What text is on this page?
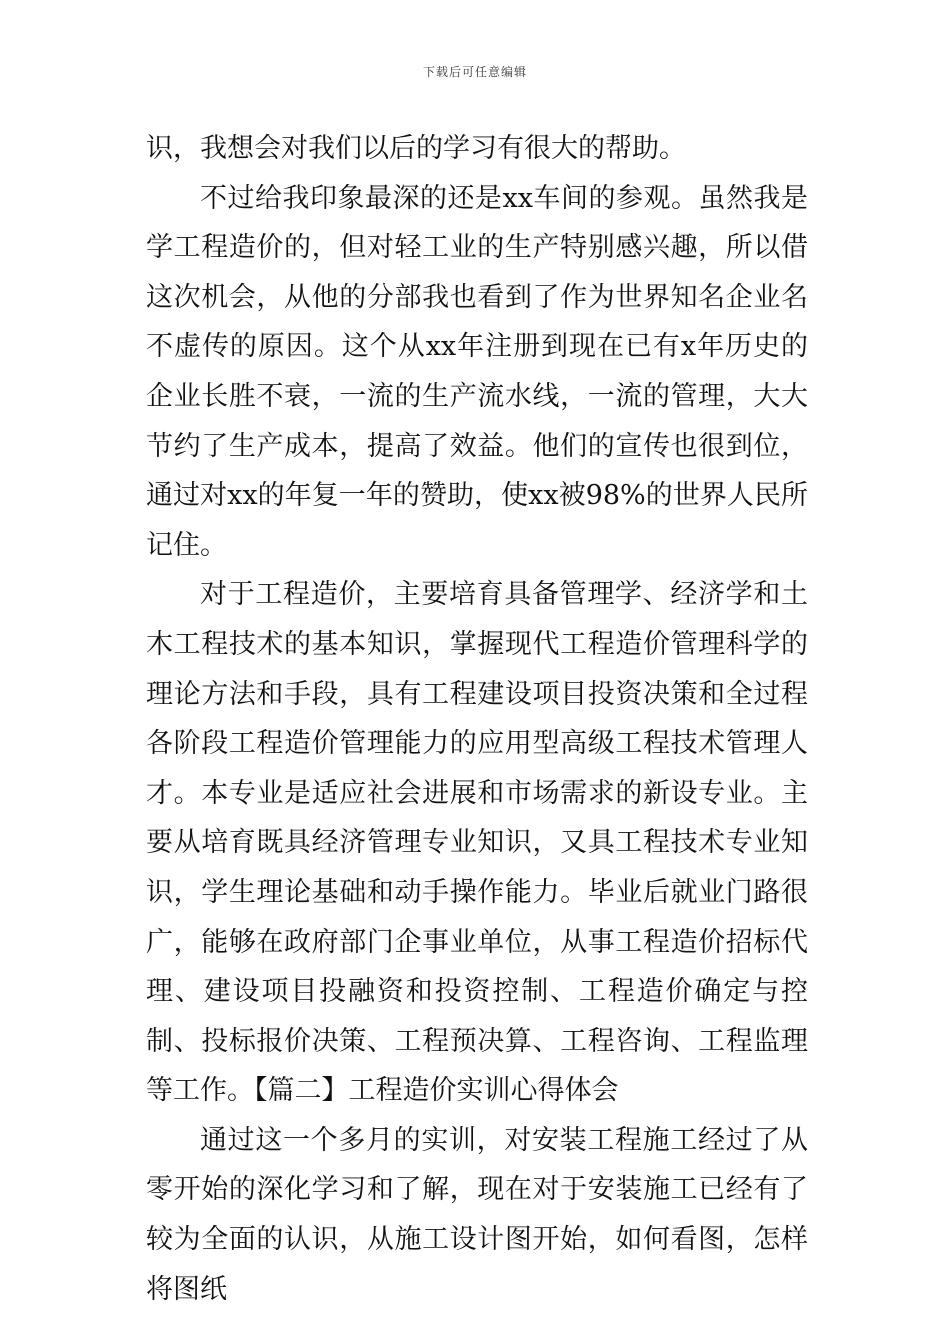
下载后可任意编辑

识，我想会对我们以后的学习有很大的帮助。

不过给我印象最深的还是xx车间的参观。虽然我是学工程造价的，但对轻工业的生产特别感兴趣，所以借这次机会，从他的分部我也看到了作为世界知名企业名不虚传的原因。这个从xx年注册到现在已有x年历史的企业长胜不衰，一流的生产流水线，一流的管理，大大节约了生产成本，提高了效益。他们的宣传也很到位，通过对xx的年复一年的赞助，使xx被98%的世界人民所记住。

对于工程造价，主要培育具备管理学、经济学和土木工程技术的基本知识，掌握现代工程造价管理科学的理论方法和手段，具有工程建设项目投资决策和全过程各阶段工程造价管理能力的应用型高级工程技术管理人才。本专业是适应社会进展和市场需求的新设专业。主要从培育既具经济管理专业知识，又具工程技术专业知识，学生理论基础和动手操作能力。毕业后就业门路很广，能够在政府部门企事业单位，从事工程造价招标代理、建设项目投融资和投资控制、工程造价确定与控制、投标报价决策、工程预决算、工程咨询、工程监理等工作。【篇二】工程造价实训心得体会

通过这一个多月的实训，对安装工程施工经过了从零开始的深化学习和了解，现在对于安装施工已经有了较为全面的认识，从施工设计图开始，如何看图，怎样将图纸
